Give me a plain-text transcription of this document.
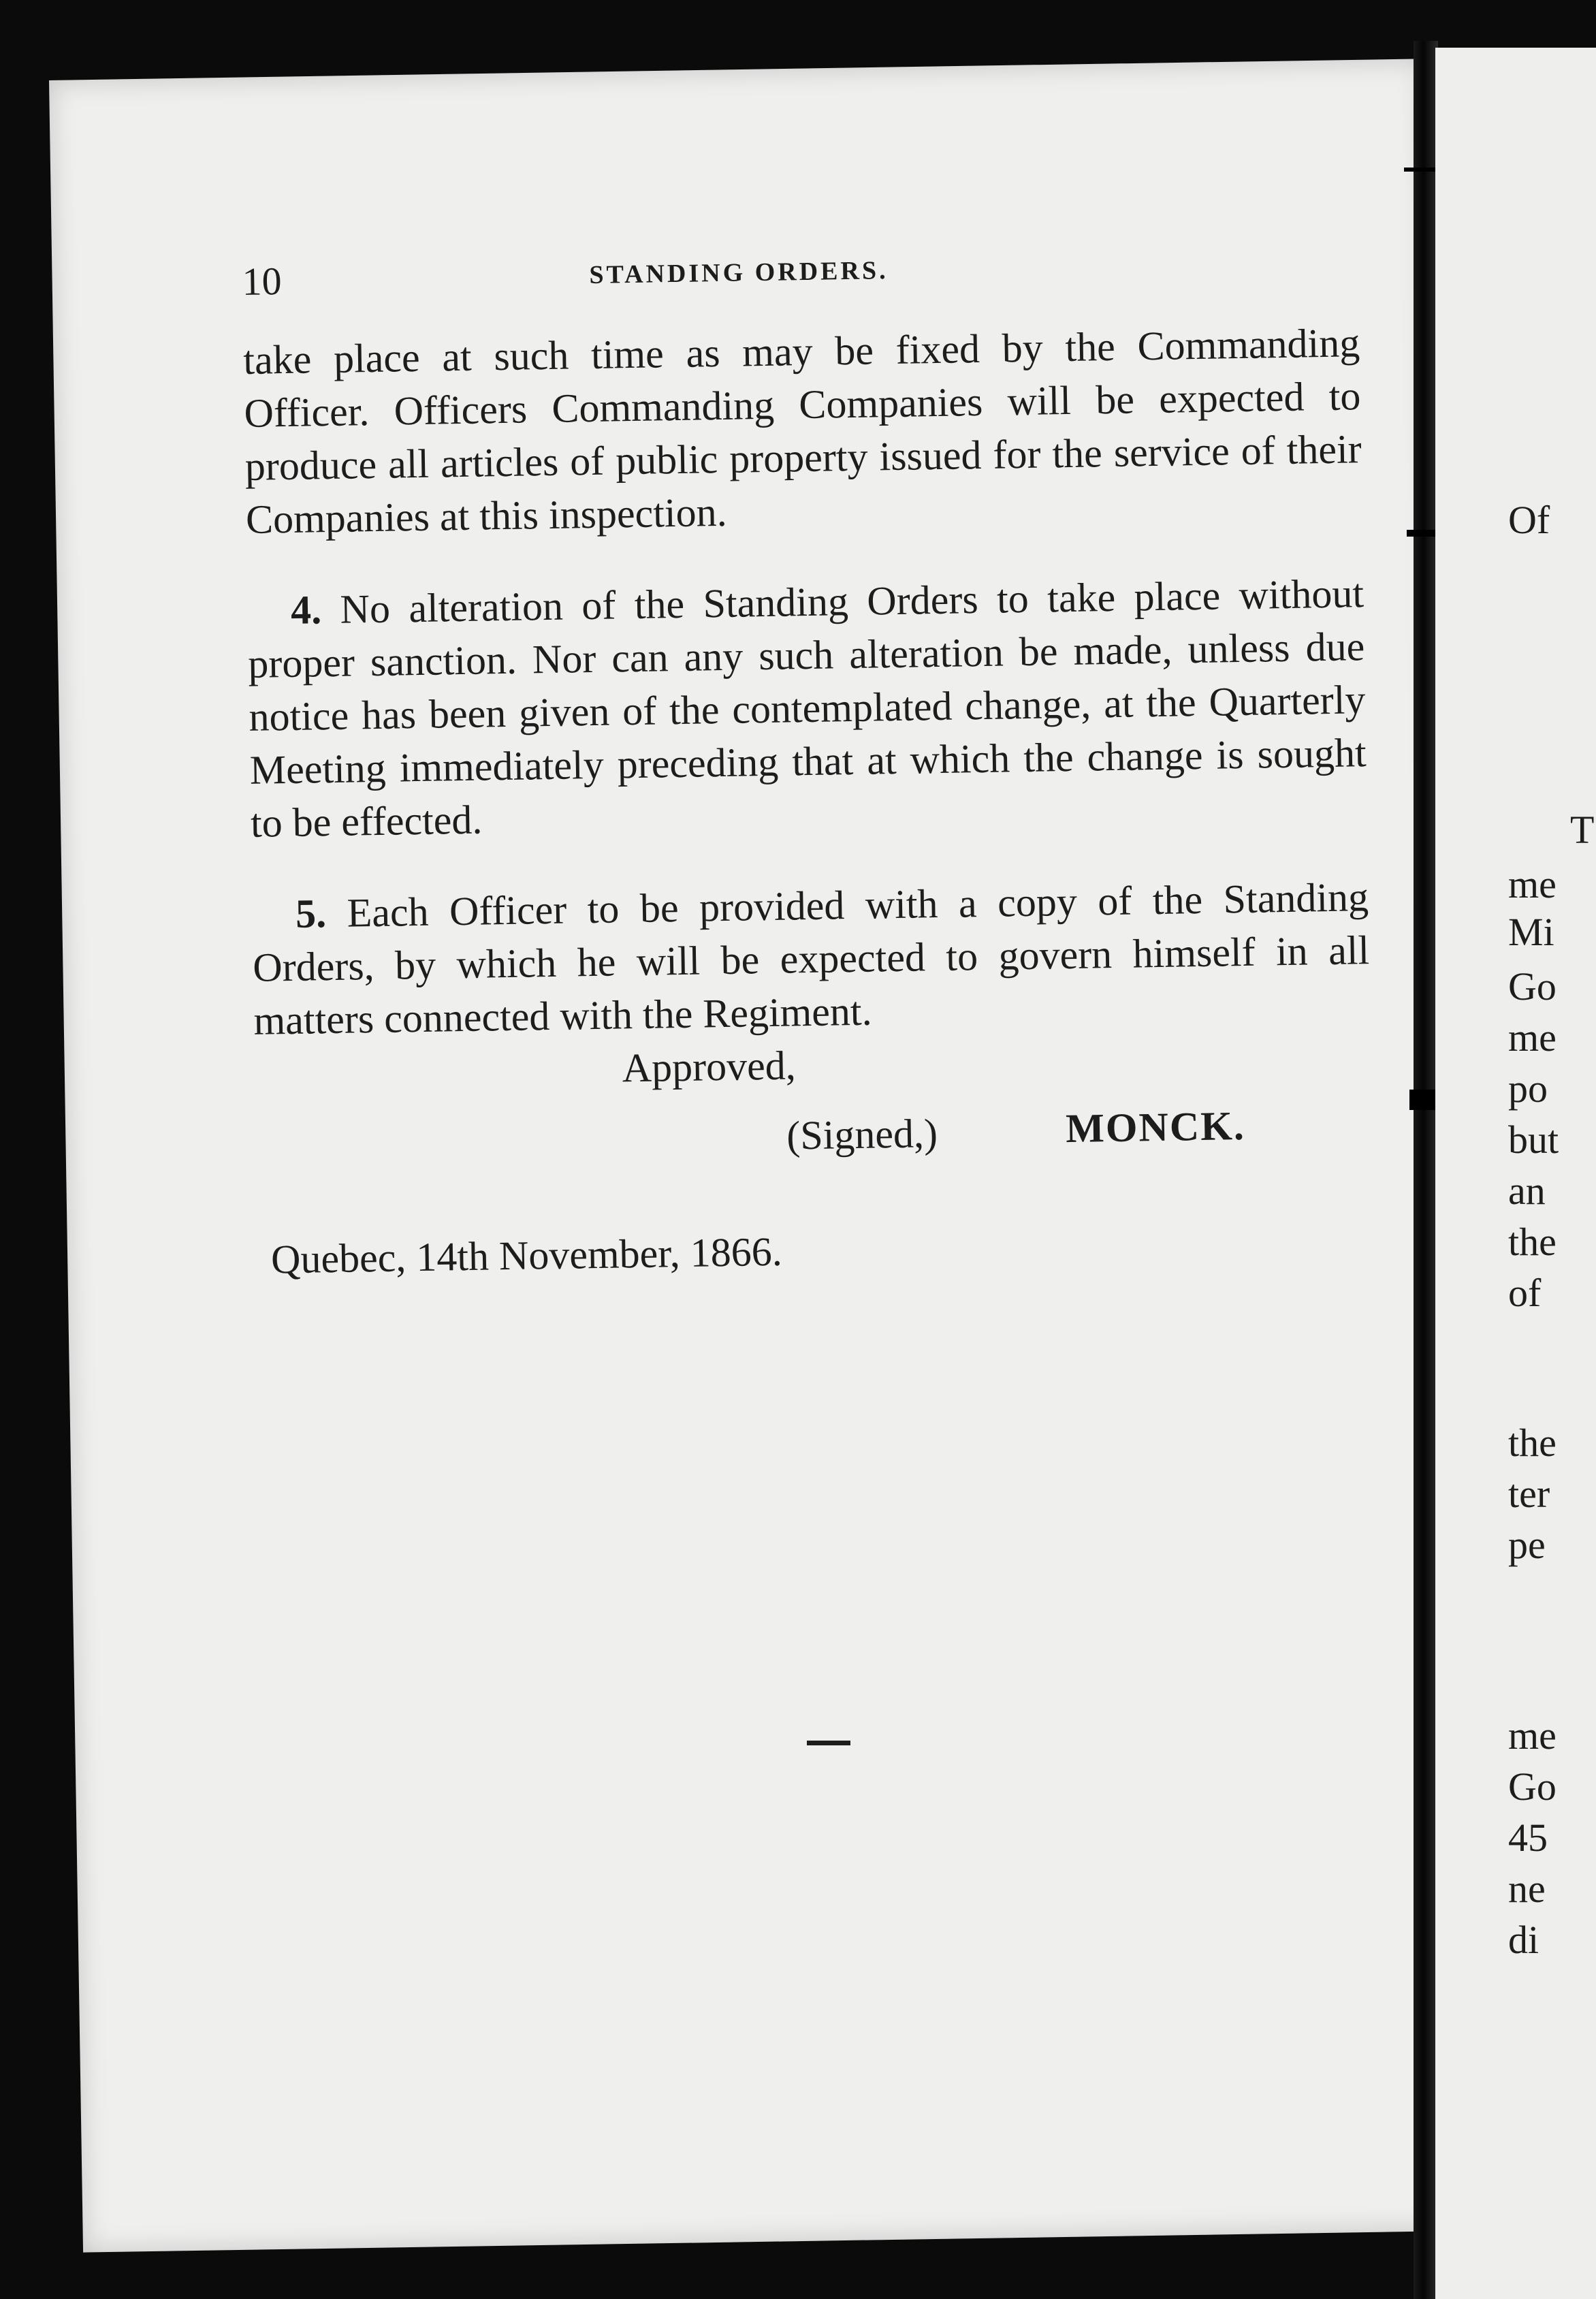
10	STANDING ORDERS.

take place at such time as may be fixed by the Commanding Officer. Officers Commanding Companies will be expected to produce all articles of public property issued for the service of their Companies at this inspection.

4. No alteration of the Standing Orders to take place without proper sanction. Nor can any such alteration be made, unless due notice has been given of the contemplated change, at the Quarterly Meeting immediately preceding that at which the change is sought to be effected.

5. Each Officer to be provided with a copy of the Standing Orders, by which he will be expected to govern himself in all matters connected with the Regiment.

Approved,

(Signed,)	MONCK.

Quebec, 14th November, 1866.

Of
T
me
Mi
Go
me
po
but
an
the
of
the
ter
pe
me
Go
45
ne
di
